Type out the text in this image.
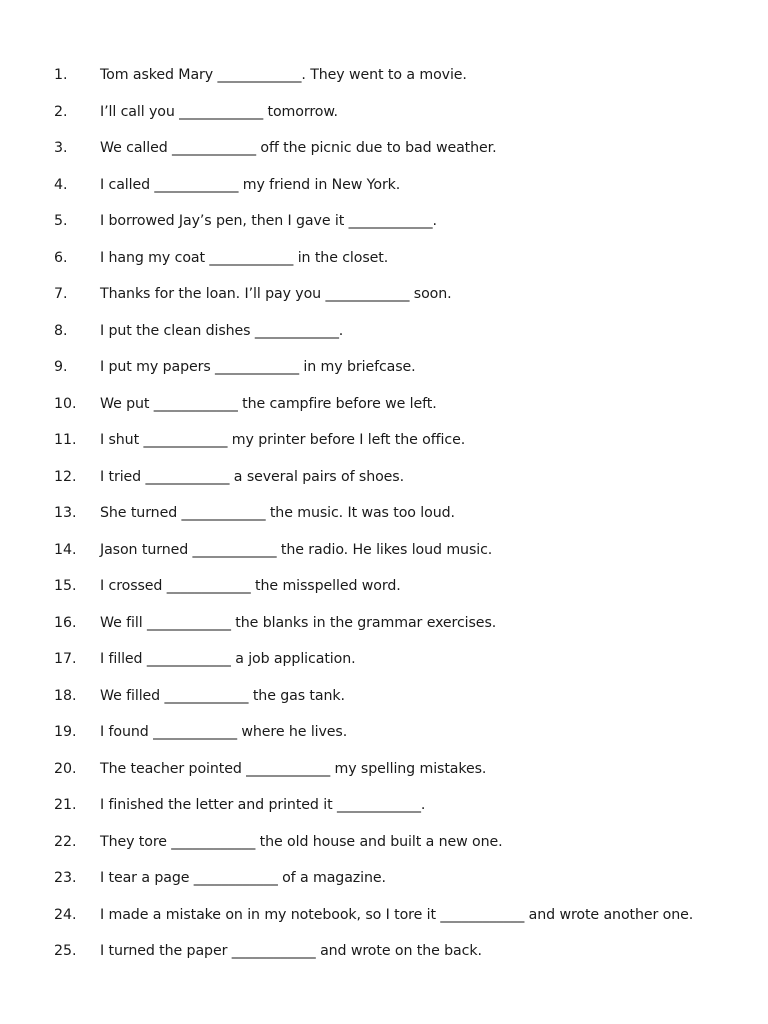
1. Tom asked Mary ____________. They went to a movie.
2. I’ll call you ____________ tomorrow.
3. We called ____________ off the picnic due to bad weather.
4. I called ____________ my friend in New York.
5. I borrowed Jay’s pen, then I gave it ____________.
6. I hang my coat ____________ in the closet.
7. Thanks for the loan. I’ll pay you ____________ soon.
8. I put the clean dishes ____________.
9. I put my papers ____________ in my briefcase.
10. We put ____________ the campfire before we left.
11. I shut ____________ my printer before I left the office.
12. I tried ____________ a several pairs of shoes.
13. She turned ____________ the music. It was too loud.
14. Jason turned ____________ the radio. He likes loud music.
15. I crossed ____________ the misspelled word.
16. We fill ____________ the blanks in the grammar exercises.
17. I filled ____________ a job application.
18. We filled ____________ the gas tank.
19. I found ____________ where he lives.
20. The teacher pointed ____________ my spelling mistakes.
21. I finished the letter and printed it ____________.
22. They tore ____________ the old house and built a new one.
23. I tear a page ____________ of a magazine.
24. I made a mistake on in my notebook, so I tore it ____________ and wrote another one.
25. I turned the paper ____________ and wrote on the back.
